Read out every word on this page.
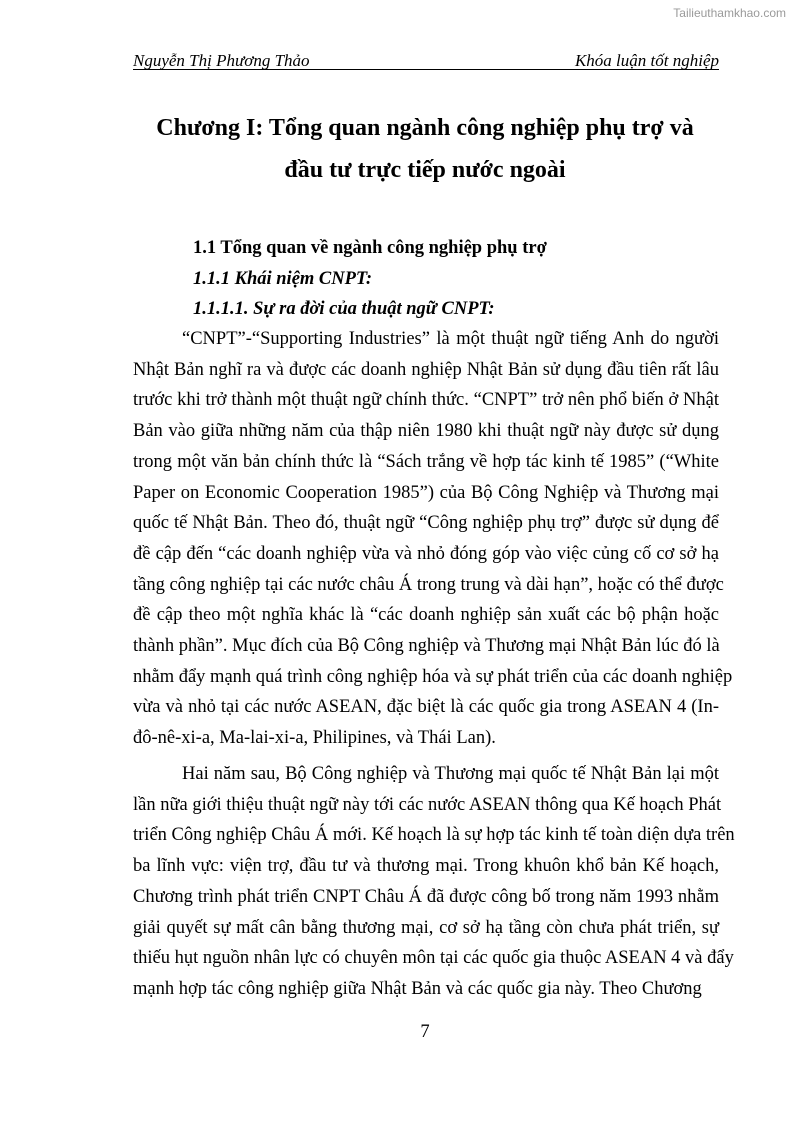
Tailieuthamkhao.com
Nguyễn Thị Phương Thảo	Khóa luận tốt nghiệp
Chương I: Tổng quan ngành công nghiệp phụ trợ và
đầu tư trực tiếp nước ngoài
1.1 Tổng quan về ngành công nghiệp phụ trợ
1.1.1 Khái niệm CNPT:
1.1.1.1. Sự ra đời của thuật ngữ CNPT:
“CNPT”-“Supporting Industries” là một thuật ngữ tiếng Anh do người
Nhật Bản nghĩ ra và được các doanh nghiệp Nhật Bản sử dụng đầu tiên rất lâu
trước khi trở thành một thuật ngữ chính thức. “CNPT” trở nên phổ biến ở Nhật
Bản vào giữa những năm của thập niên 1980 khi thuật ngữ này được sử dụng
trong một văn bản chính thức là “Sách trắng về hợp tác kinh tế 1985” (“White
Paper on Economic Cooperation 1985”) của Bộ Công Nghiệp và Thương mại
quốc tế Nhật Bản. Theo đó, thuật ngữ “Công nghiệp phụ trợ” được sử dụng để
đề cập đến “các doanh nghiệp vừa và nhỏ đóng góp vào việc củng cố cơ sở hạ
tầng công nghiệp tại các nước châu Á trong trung và dài hạn”, hoặc có thể được
đề cập theo một nghĩa khác là “các doanh nghiệp sản xuất các bộ phận hoặc
thành phần”. Mục đích của Bộ Công nghiệp và Thương mại Nhật Bản lúc đó là
nhằm đẩy mạnh quá trình công nghiệp hóa và sự phát triển của các doanh nghiệp
vừa và nhỏ tại các nước ASEAN, đặc biệt là các quốc gia trong ASEAN 4 (In-
đô-nê-xi-a, Ma-lai-xi-a, Philipines, và Thái Lan).
Hai năm sau, Bộ Công nghiệp và Thương mại quốc tế Nhật Bản lại một
lần nữa giới thiệu thuật ngữ này tới các nước ASEAN thông qua Kế hoạch Phát
triển Công nghiệp Châu Á mới. Kế hoạch là sự hợp tác kinh tế toàn diện dựa trên
ba lĩnh vực: viện trợ, đầu tư và thương mại. Trong khuôn khổ bản Kế hoạch,
Chương trình phát triển CNPT Châu Á đã được công bố trong năm 1993 nhằm
giải quyết sự mất cân bằng thương mại, cơ sở hạ tầng còn chưa phát triển, sự
thiếu hụt nguồn nhân lực có chuyên môn tại các quốc gia thuộc ASEAN 4 và đẩy
mạnh hợp tác công nghiệp giữa Nhật Bản và các quốc gia này. Theo Chương
7
